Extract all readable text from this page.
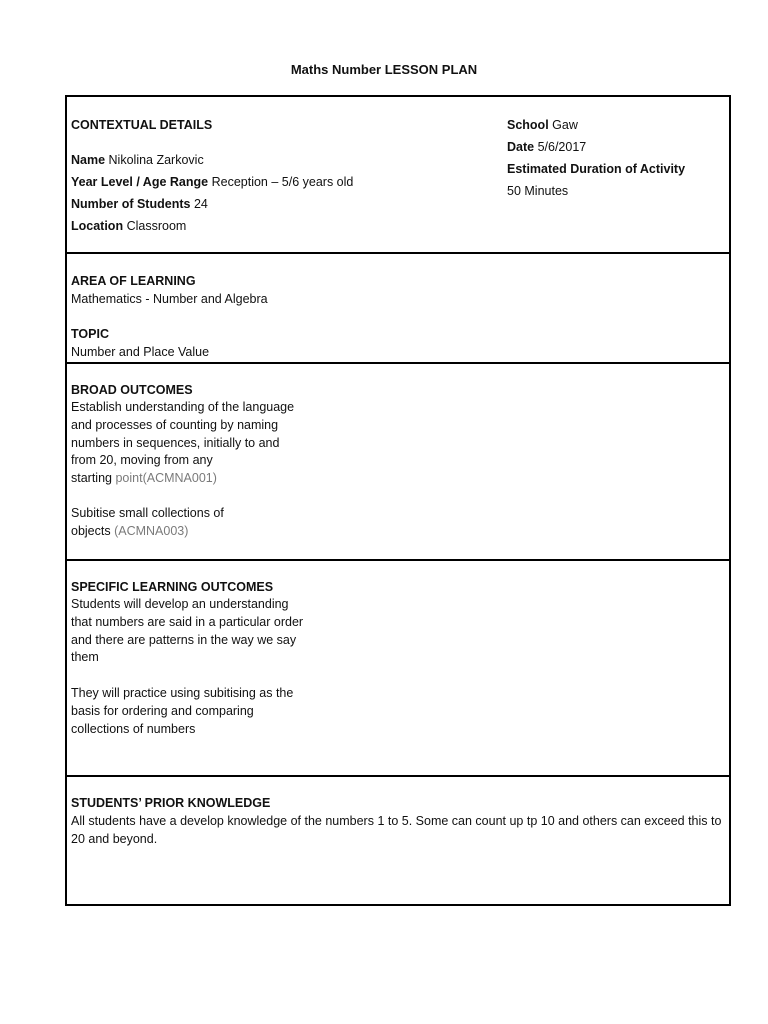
Maths Number LESSON PLAN
CONTEXTUAL DETAILS
Name Nikolina Zarkovic
Year Level / Age Range Reception – 5/6 years old
Number of Students 24
Location Classroom
School Gaw
Date 5/6/2017
Estimated Duration of Activity
50 Minutes
AREA OF LEARNING
Mathematics - Number and Algebra
TOPIC
Number and Place Value
BROAD OUTCOMES
Establish understanding of the language
and processes of counting by naming
numbers in sequences, initially to and
from 20, moving from any
starting point(ACMNA001)
Subitise small collections of
objects (ACMNA003)
SPECIFIC LEARNING OUTCOMES
Students will develop an understanding
that numbers are said in a particular order
and there are patterns in the way we say
them
They will practice using subitising as the
basis for ordering and comparing
collections of numbers
STUDENTS’ PRIOR KNOWLEDGE
All students have a develop knowledge of the numbers 1 to 5. Some can count up tp 10 and others can exceed this to 20 and beyond.
